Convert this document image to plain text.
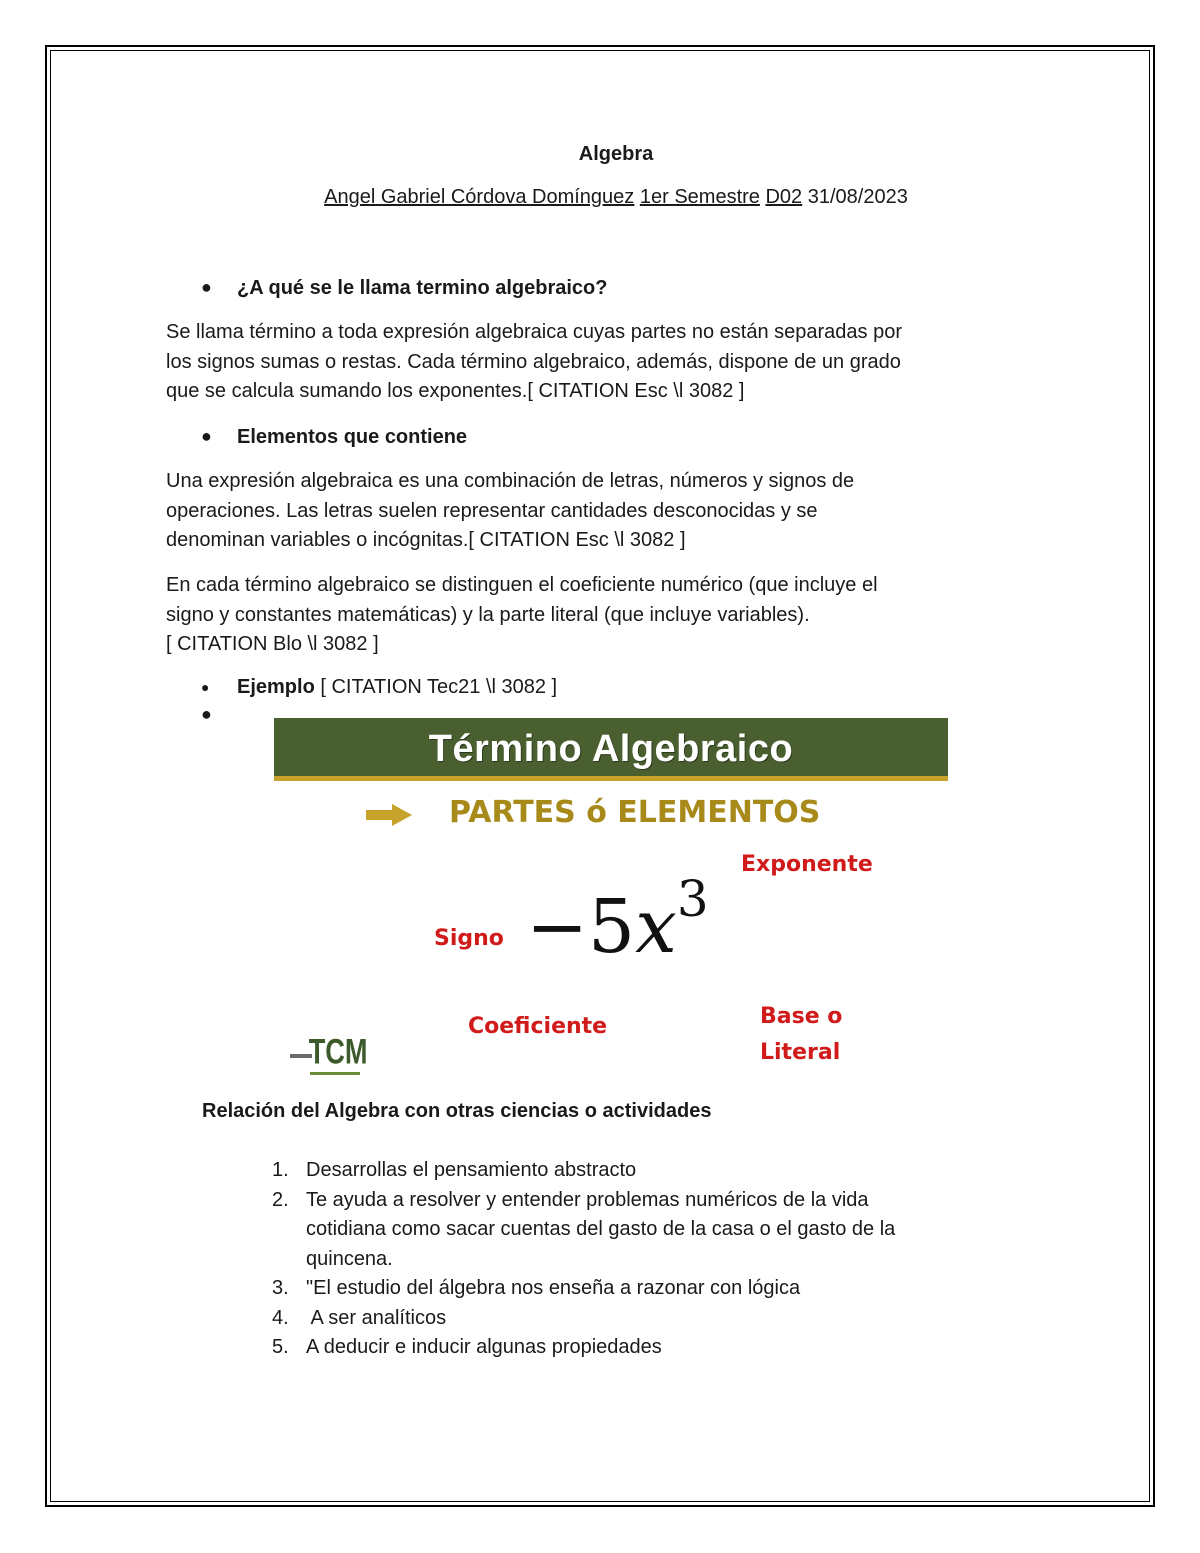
Algebra
Angel Gabriel Córdova Domínguez 1er Semestre D02 31/08/2023
● ¿A qué se le llama termino algebraico?
Se llama término a toda expresión algebraica cuyas partes no están separadas por
los signos sumas o restas. Cada término algebraico, además, dispone de un grado
que se calcula sumando los exponentes.[ CITATION Esc \l 3082 ]
● Elementos que contiene
Una expresión algebraica es una combinación de letras, números y signos de
operaciones. Las letras suelen representar cantidades desconocidas y se
denominan variables o incógnitas.[ CITATION Esc \l 3082 ]
En cada término algebraico se distinguen el coeficiente numérico (que incluye el
signo y constantes matemáticas) y la parte literal (que incluye variables).
[ CITATION Blo \l 3082 ]
● Ejemplo [ CITATION Tec21 \l 3082 ]
●
Término Algebraico
PARTES ó ELEMENTOS
Exponente
Signo $-5x^3$
Coeficiente	Base o
Literal
TCM
Relación del Algebra con otras ciencias o actividades
1. Desarrollas el pensamiento abstracto
2. Te ayuda a resolver y entender problemas numéricos de la vida
cotidiana como sacar cuentas del gasto de la casa o el gasto de la
quincena.
3. "El estudio del álgebra nos enseña a razonar con lógica
4. A ser analíticos
5. A deducir e inducir algunas propiedades
